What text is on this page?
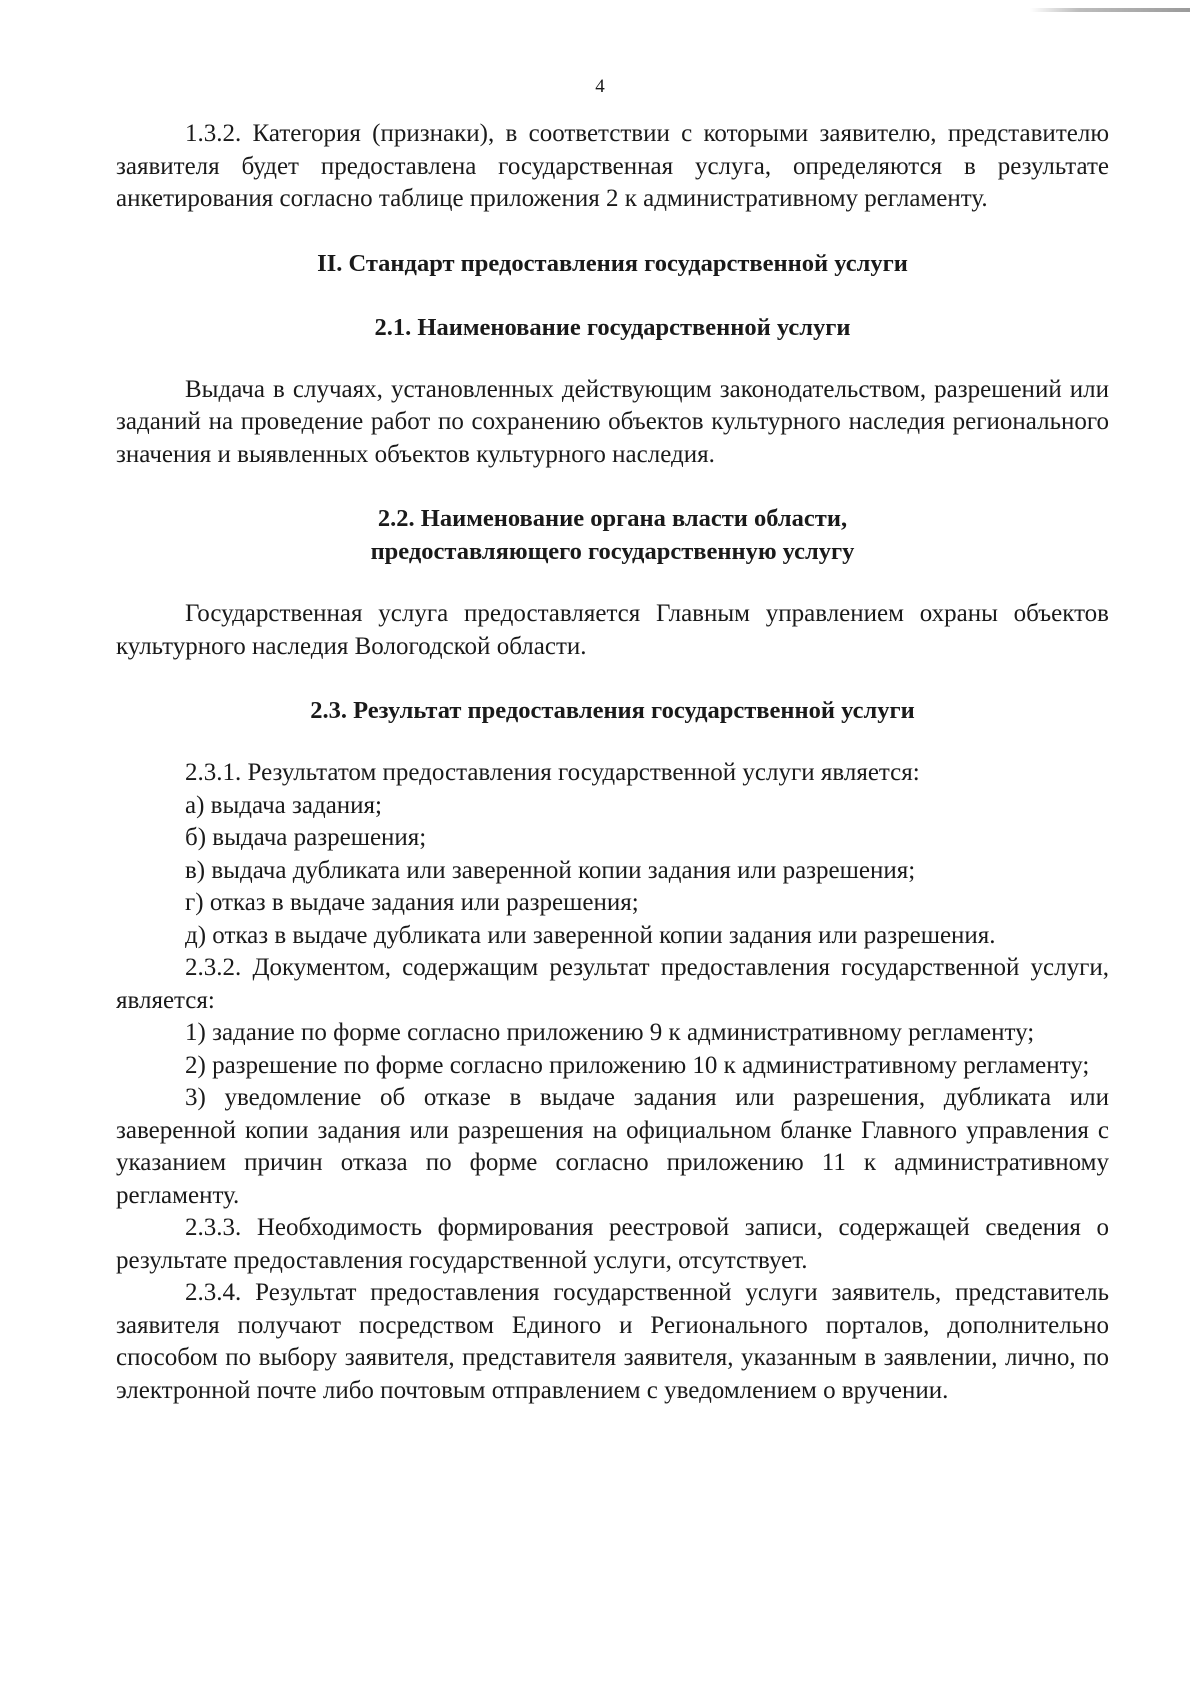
4

1.3.2. Категория (признаки), в соответствии с которыми заявителю, представителю заявителя будет предоставлена государственная услуга, определяются в результате анкетирования согласно таблице приложения 2 к административному регламенту.

II. Стандарт предоставления государственной услуги
2.1. Наименование государственной услуги

Выдача в случаях, установленных действующим законодательством, разрешений или заданий на проведение работ по сохранению объектов культурного наследия регионального значения и выявленных объектов культурного наследия.

2.2. Наименование органа власти области,
предоставляющего государственную услугу

Государственная услуга предоставляется Главным управлением охраны объектов культурного наследия Вологодской области.

2.3. Результат предоставления государственной услуги

2.3.1. Результатом предоставления государственной услуги является:

а) выдача задания;

б) выдача разрешения;

в) выдача дубликата или заверенной копии задания или разрешения;

г) отказ в выдаче задания или разрешения;

д) отказ в выдаче дубликата или заверенной копии задания или разрешения.

2.3.2. Документом, содержащим результат предоставления государственной услуги, является:

1) задание по форме согласно приложению 9 к административному регламенту;

2) разрешение по форме согласно приложению 10 к административному регламенту;

3) уведомление об отказе в выдаче задания или разрешения, дубликата или заверенной копии задания или разрешения на официальном бланке Главного управления с указанием причин отказа по форме согласно приложению 11 к административному регламенту.

2.3.3. Необходимость формирования реестровой записи, содержащей сведения о результате предоставления государственной услуги, отсутствует.

2.3.4. Результат предоставления государственной услуги заявитель, представитель заявителя получают посредством Единого и Регионального порталов, дополнительно способом по выбору заявителя, представителя заявителя, указанным в заявлении, лично, по электронной почте либо почтовым отправлением с уведомлением о вручении.
